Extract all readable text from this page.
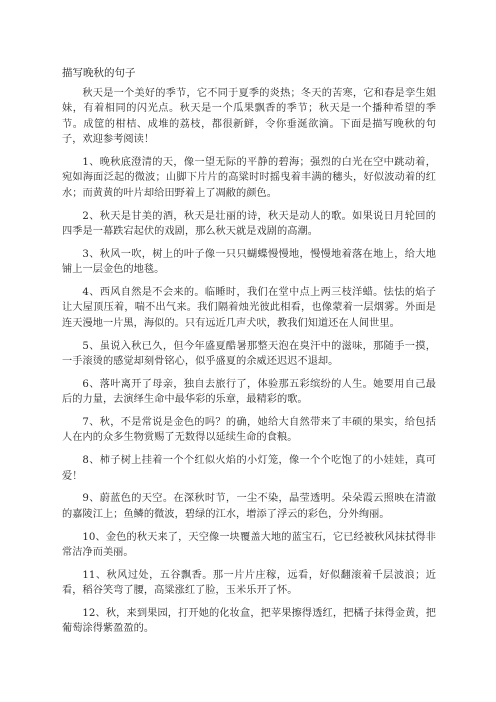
描写晚秋的句子

秋天是一个美好的季节，它不同于夏季的炎热；冬天的苦寒，它和春是孪生姐妹，有着相同的闪光点。秋天是一个瓜果飘香的季节；秋天是一个播种希望的季节。成筐的柑桔、成堆的荔枝，都很新鲜，令你垂涎欲滴。下面是描写晚秋的句子，欢迎参考阅读！

1、晚秋底澄清的天，像一望无际的平静的碧海；强烈的白光在空中跳动着，宛如海面泛起的微波；山脚下片片的高粱时时摇曳着丰满的穗头，好似波动着的红水；而黄黄的叶片却给田野着上了凋敝的颜色。

2、秋天是甘美的酒，秋天是壮丽的诗，秋天是动人的歌。如果说日月轮回的四季是一幕跌宕起伏的戏剧，那么秋天就是戏剧的高潮。

3、秋风一吹，树上的叶子像一只只蝴蝶慢慢地，慢慢地着落在地上，给大地铺上一层金色的地毯。

4、西风自然是不会来的。临睡时，我们在堂中点上两三枝洋蜡。怯怯的焰子让大屋顶压着，喘不出气来。我们隔着烛光彼此相看，也像蒙着一层烟雾。外面是连天漫地一片黑，海似的。只有远近几声犬吠，教我们知道还在人间世里。

5、虽说入秋已久，但今年盛夏酷暑那整天泡在臭汗中的滋味，那随手一摸，一手滚烫的感觉却刻骨铭心，似乎盛夏的余威还迟迟不退却。

6、落叶离开了母亲，独自去旅行了，体验那五彩缤纷的人生。她要用自己最后的力量，去演绎生命中最华彩的乐章，最精彩的歌。

7、秋，不是常说是金色的吗？的确，她给大自然带来了丰硕的果实，给包括人在内的众多生物赏赐了无数得以延续生命的食粮。

8、柿子树上挂着一个个红似火焰的小灯笼，像一个个吃饱了的小娃娃，真可爱！

9、蔚蓝色的天空。在深秋时节，一尘不染，晶莹透明。朵朵霞云照映在清澈的嘉陵江上；鱼鳞的微波，碧绿的江水，增添了浮云的彩色，分外绚丽。

10、金色的秋天来了，天空像一块覆盖大地的蓝宝石，它已经被秋风抹拭得非常洁净而美丽。

11、秋风过处，五谷飘香。那一片片庄稼，远看，好似翻滚着千层波浪；近看，稻谷笑弯了腰，高粱涨红了脸，玉米乐开了怀。

12、秋，来到果园，打开她的化妆盒，把苹果擦得透红，把橘子抹得金黄，把葡萄涂得紫盈盈的。
